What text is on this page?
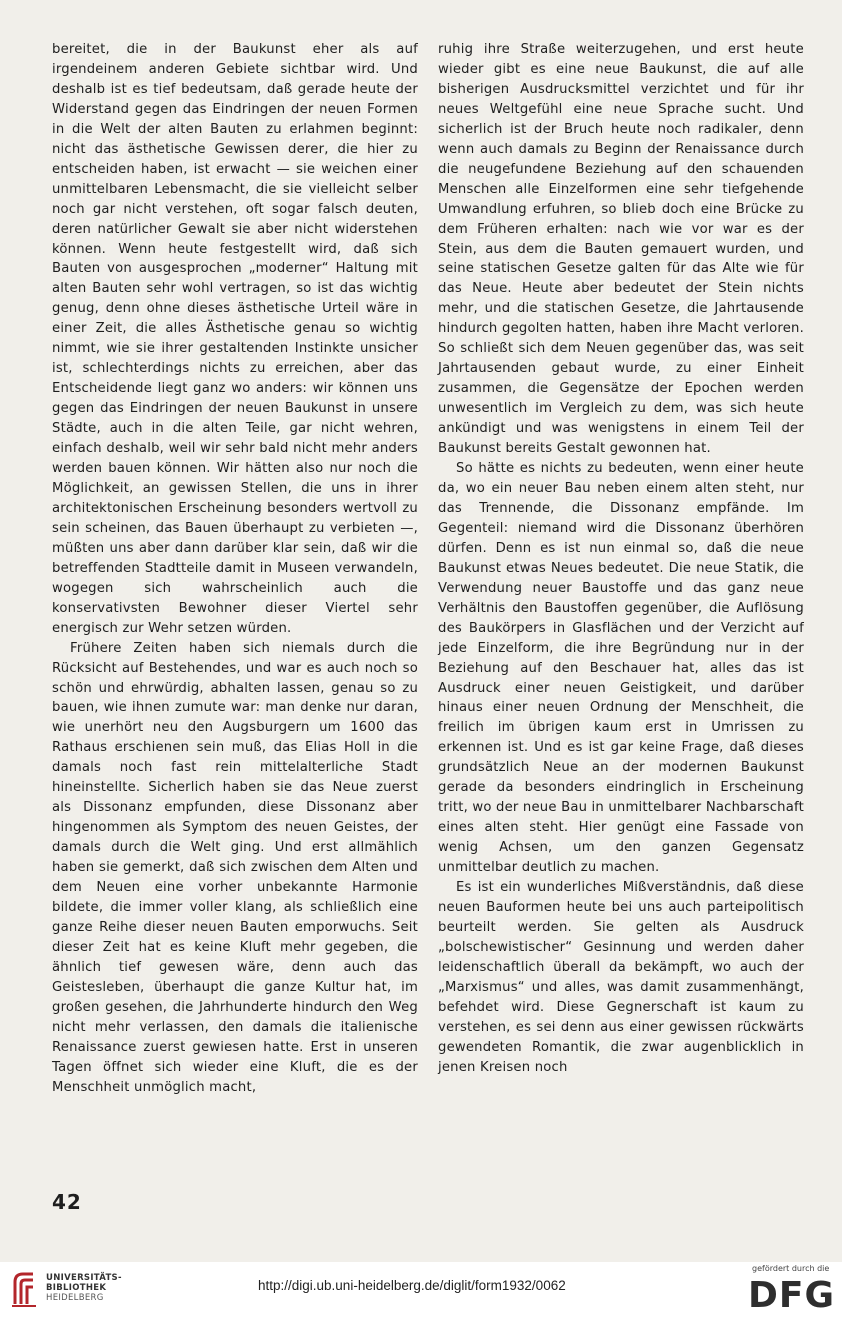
bereitet, die in der Baukunst eher als auf irgendeinem anderen Gebiete sichtbar wird. Und deshalb ist es tief bedeutsam, daß gerade heute der Widerstand gegen das Eindringen der neuen Formen in die Welt der alten Bauten zu erlahmen beginnt: nicht das ästhetische Gewissen derer, die hier zu entscheiden haben, ist erwacht — sie weichen einer unmittelbaren Lebensmacht, die sie vielleicht selber noch gar nicht verstehen, oft sogar falsch deuten, deren natürlicher Gewalt sie aber nicht widerstehen können. Wenn heute festgestellt wird, daß sich Bauten von ausgesprochen „moderner“ Haltung mit alten Bauten sehr wohl vertragen, so ist das wichtig genug, denn ohne dieses ästhetische Urteil wäre in einer Zeit, die alles Ästhetische genau so wichtig nimmt, wie sie ihrer gestaltenden Instinkte unsicher ist, schlechterdings nichts zu erreichen, aber das Entscheidende liegt ganz wo anders: wir können uns gegen das Eindringen der neuen Baukunst in unsere Städte, auch in die alten Teile, gar nicht wehren, einfach deshalb, weil wir sehr bald nicht mehr anders werden bauen können. Wir hätten also nur noch die Möglichkeit, an gewissen Stellen, die uns in ihrer architektonischen Erscheinung besonders wertvoll zu sein scheinen, das Bauen überhaupt zu verbieten —, müßten uns aber dann darüber klar sein, daß wir die betreffenden Stadtteile damit in Museen verwandeln, wogegen sich wahrscheinlich auch die konservativsten Bewohner dieser Viertel sehr energisch zur Wehr setzen würden.

Frühere Zeiten haben sich niemals durch die Rücksicht auf Bestehendes, und war es auch noch so schön und ehrwürdig, abhalten lassen, genau so zu bauen, wie ihnen zumute war: man denke nur daran, wie unerhört neu den Augsburgern um 1600 das Rathaus erschienen sein muß, das Elias Holl in die damals noch fast rein mittelalterliche Stadt hineinstellte. Sicherlich haben sie das Neue zuerst als Dissonanz empfunden, diese Dissonanz aber hingenommen als Symptom des neuen Geistes, der damals durch die Welt ging. Und erst allmählich haben sie gemerkt, daß sich zwischen dem Alten und dem Neuen eine vorher unbekannte Harmonie bildete, die immer voller klang, als schließlich eine ganze Reihe dieser neuen Bauten emporwuchs. Seit dieser Zeit hat es keine Kluft mehr gegeben, die ähnlich tief gewesen wäre, denn auch das Geistesleben, überhaupt die ganze Kultur hat, im großen gesehen, die Jahrhunderte hindurch den Weg nicht mehr verlassen, den damals die italienische Renaissance zuerst gewiesen hatte. Erst in unseren Tagen öffnet sich wieder eine Kluft, die es der Menschheit unmöglich macht,

ruhig ihre Straße weiterzugehen, und erst heute wieder gibt es eine neue Baukunst, die auf alle bisherigen Ausdrucksmittel verzichtet und für ihr neues Weltgefühl eine neue Sprache sucht. Und sicherlich ist der Bruch heute noch radikaler, denn wenn auch damals zu Beginn der Renaissance durch die neugefundene Beziehung auf den schauenden Menschen alle Einzelformen eine sehr tiefgehende Umwandlung erfuhren, so blieb doch eine Brücke zu dem Früheren erhalten: nach wie vor war es der Stein, aus dem die Bauten gemauert wurden, und seine statischen Gesetze galten für das Alte wie für das Neue. Heute aber bedeutet der Stein nichts mehr, und die statischen Gesetze, die Jahrtausende hindurch gegolten hatten, haben ihre Macht verloren. So schließt sich dem Neuen gegenüber das, was seit Jahrtausenden gebaut wurde, zu einer Einheit zusammen, die Gegensätze der Epochen werden unwesentlich im Vergleich zu dem, was sich heute ankündigt und was wenigstens in einem Teil der Baukunst bereits Gestalt gewonnen hat.

So hätte es nichts zu bedeuten, wenn einer heute da, wo ein neuer Bau neben einem alten steht, nur das Trennende, die Dissonanz empfände. Im Gegenteil: niemand wird die Dissonanz überhören dürfen. Denn es ist nun einmal so, daß die neue Baukunst etwas Neues bedeutet. Die neue Statik, die Verwendung neuer Baustoffe und das ganz neue Verhältnis den Baustoffen gegenüber, die Auflösung des Baukörpers in Glasflächen und der Verzicht auf jede Einzelform, die ihre Begründung nur in der Beziehung auf den Beschauer hat, alles das ist Ausdruck einer neuen Geistigkeit, und darüber hinaus einer neuen Ordnung der Menschheit, die freilich im übrigen kaum erst in Umrissen zu erkennen ist. Und es ist gar keine Frage, daß dieses grundsätzlich Neue an der modernen Baukunst gerade da besonders eindringlich in Erscheinung tritt, wo der neue Bau in unmittelbarer Nachbarschaft eines alten steht. Hier genügt eine Fassade von wenig Achsen, um den ganzen Gegensatz unmittelbar deutlich zu machen.

Es ist ein wunderliches Mißverständnis, daß diese neuen Bauformen heute bei uns auch parteipolitisch beurteilt werden. Sie gelten als Ausdruck „bolschewistischer“ Gesinnung und werden daher leidenschaftlich überall da bekämpft, wo auch der „Marxismus“ und alles, was damit zusammenhängt, befehdet wird. Diese Gegnerschaft ist kaum zu verstehen, es sei denn aus einer gewissen rückwärts gewendeten Romantik, die zwar augenblicklich in jenen Kreisen noch

42
UNIVERSITÄTS-
BIBLIOTHEK
HEIDELBERG
http://digi.ub.uni-heidelberg.de/diglit/form1932/0062
gefördert durch die
DFG
